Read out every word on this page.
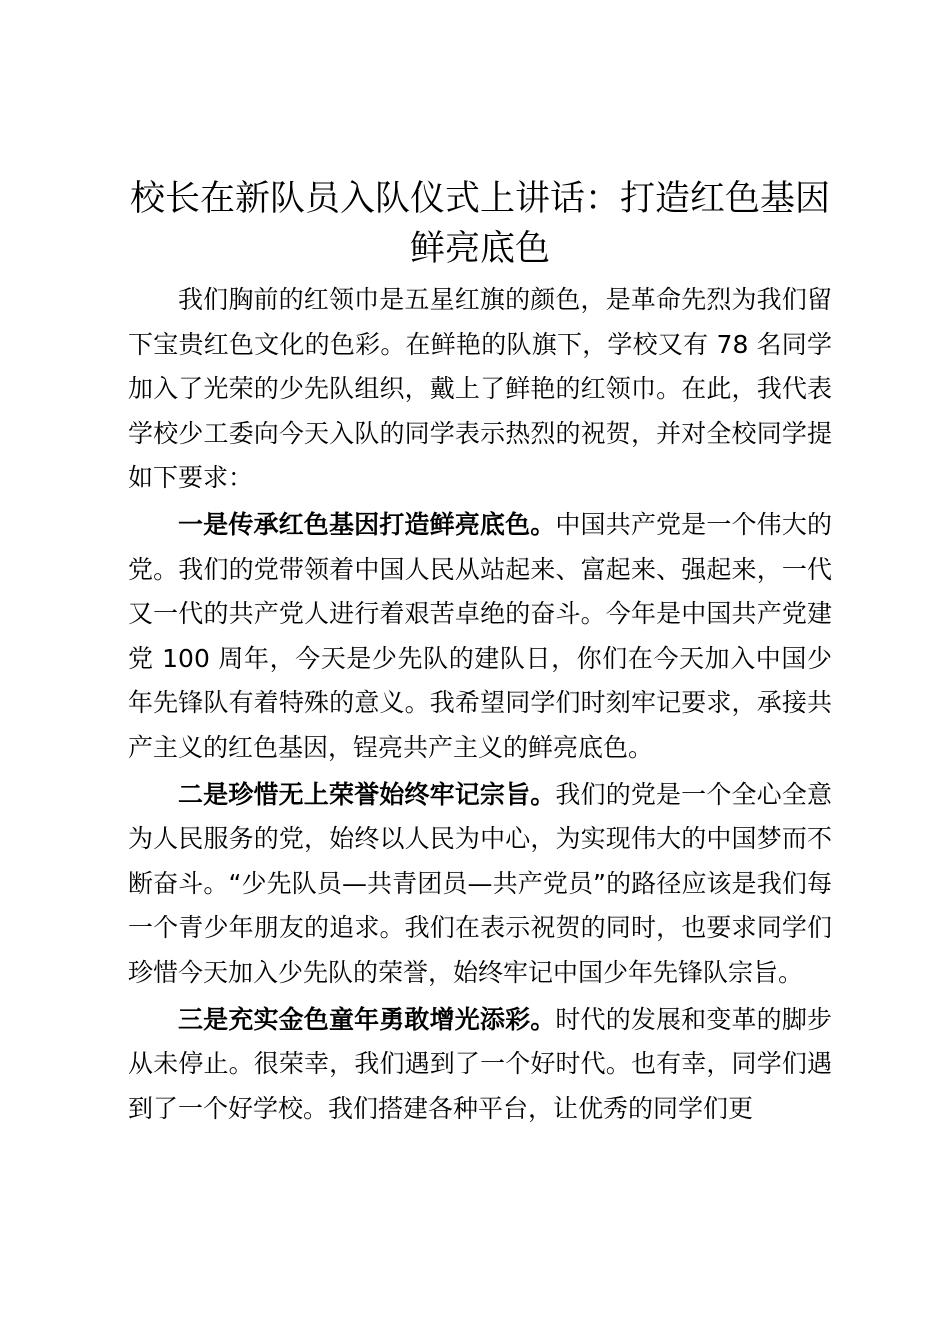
校长在新队员入队仪式上讲话：打造红色基因鲜亮底色

我们胸前的红领巾是五星红旗的颜色，是革命先烈为我们留下宝贵红色文化的色彩。在鲜艳的队旗下，学校又有 78 名同学加入了光荣的少先队组织，戴上了鲜艳的红领巾。在此，我代表学校少工委向今天入队的同学表示热烈的祝贺，并对全校同学提如下要求：

一是传承红色基因打造鲜亮底色。中国共产党是一个伟大的党。我们的党带领着中国人民从站起来、富起来、强起来，一代又一代的共产党人进行着艰苦卓绝的奋斗。今年是中国共产党建党 100 周年，今天是少先队的建队日，你们在今天加入中国少年先锋队有着特殊的意义。我希望同学们时刻牢记要求，承接共产主义的红色基因，锃亮共产主义的鲜亮底色。

二是珍惜无上荣誉始终牢记宗旨。我们的党是一个全心全意为人民服务的党，始终以人民为中心，为实现伟大的中国梦而不断奋斗。“少先队员—共青团员—共产党员”的路径应该是我们每一个青少年朋友的追求。我们在表示祝贺的同时，也要求同学们珍惜今天加入少先队的荣誉，始终牢记中国少年先锋队宗旨。

三是充实金色童年勇敢增光添彩。时代的发展和变革的脚步从未停止。很荣幸，我们遇到了一个好时代。也有幸，同学们遇到了一个好学校。我们搭建各种平台，让优秀的同学们更
